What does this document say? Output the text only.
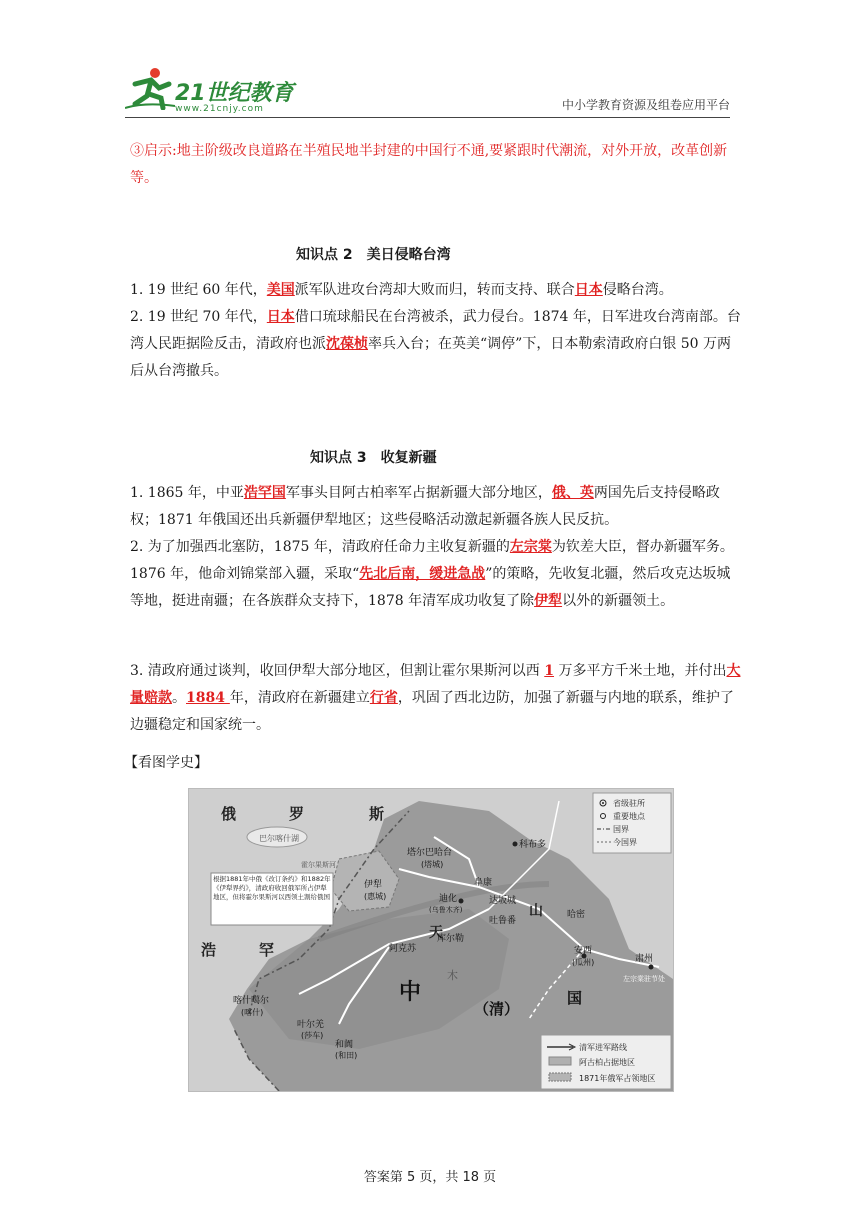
21世纪教育
www.21cnjy.com	中小学教育资源及组卷应用平台
③启示:地主阶级改良道路在半殖民地半封建的中国行不通,要紧跟时代潮流，对外开放，改革创新等。
知识点 2　美日侵略台湾
1. 19 世纪 60 年代，美国派军队进攻台湾却大败而归，转而支持、联合日本侵略台湾。
2. 19 世纪 70 年代，日本借口琉球船民在台湾被杀，武力侵台。1874 年，日军进攻台湾南部。台湾人民距据险反击，清政府也派沈葆桢率兵入台；在英美“调停”下，日本勒索清政府白银 50 万两后从台湾撤兵。
知识点 3　收复新疆
1. 1865 年，中亚浩罕国军事头目阿古柏率军占据新疆大部分地区，俄、英两国先后支持侵略政权；1871 年俄国还出兵新疆伊犁地区；这些侵略活动激起新疆各族人民反抗。
2. 为了加强西北塞防，1875 年，清政府任命力主收复新疆的左宗棠为钦差大臣，督办新疆军务。1876 年，他命刘锦棠部入疆，采取“先北后南，缓进急战”的策略，先收复北疆，然后攻克达坂城等地，挺进南疆；在各族群众支持下，1878 年清军成功收复了除伊犁以外的新疆领土。
3. 清政府通过谈判，收回伊犁大部分地区，但割让霍尔果斯河以西 1 万多平方千米土地，并付出大量赔款。1884 年，清政府在新疆建立行省，巩固了西北边防，加强了新疆与内地的联系，维护了边疆稳定和国家统一。
【看图学史】
俄	罗	斯
浩	罕
中	国
（清）
天
山
木
巴尔喀什湖
霍尔果斯河
科布多
塔尔巴哈台
(塔城)
伊犁
(惠城)
阜康
迪化
(乌鲁木齐)
达坂城
哈密
吐鲁番
库尔勒
阿克苏	安西
(瓜州)	肃州
左宗棠驻节处
喀什噶尔
(喀什)
叶尔羌
(莎车)
和阗
(和田)
根据1881年中俄《改订条约》和1882年《伊犁界约》，清政府收回俄军所占伊犁地区，但将霍尔果斯河以西领土割给俄国
省级驻所
重要地点
国界
今国界
清军进军路线
阿古柏占据地区
1871年俄军占领地区
答案第 5 页，共 18 页
